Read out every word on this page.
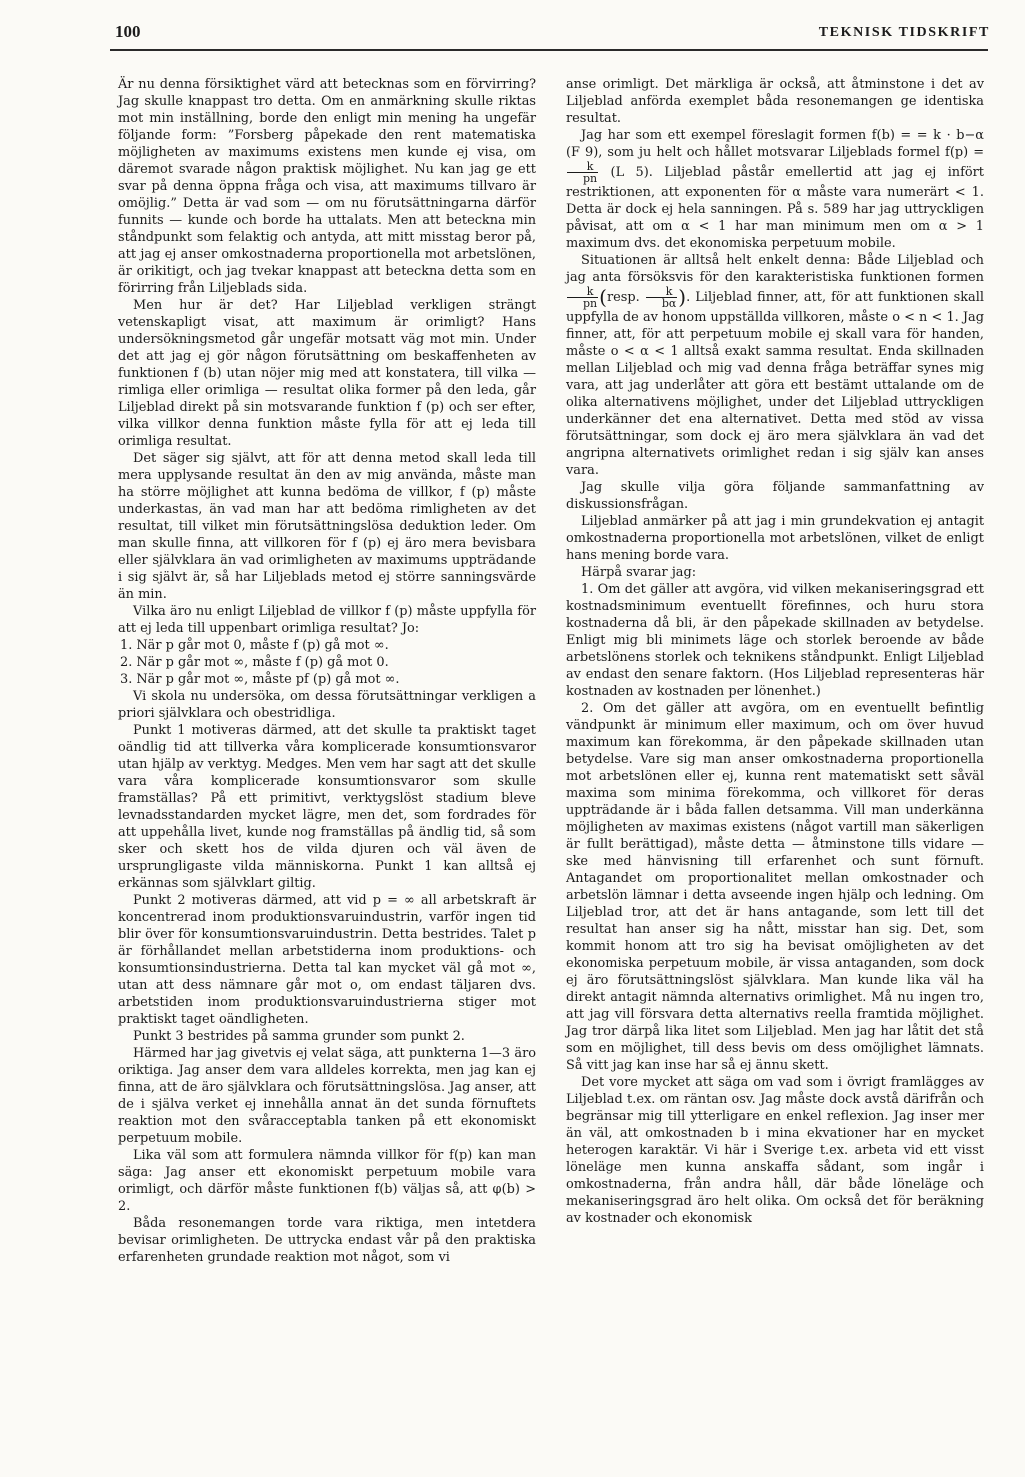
100	TEKNISK TIDSKRIFT

Är nu denna försiktighet värd att betecknas som en förvirring? Jag skulle knappast tro detta. Om en anmärkning skulle riktas mot min inställning, borde den enligt min mening ha ungefär följande form: ”Forsberg påpekade den rent matematiska möjligheten av maximums existens men kunde ej visa, om däremot svarade någon praktisk möjlighet. Nu kan jag ge ett svar på denna öppna fråga och visa, att maximums tillvaro är omöjlig.” Detta är vad som — om nu förutsättningarna därför funnits — kunde och borde ha uttalats. Men att beteckna min ståndpunkt som felaktig och antyda, att mitt misstag beror på, att jag ej anser omkostnaderna proportionella mot arbetslönen, är orikitigt, och jag tvekar knappast att beteckna detta som en förirring från Liljeblads sida.

Men hur är det? Har Liljeblad verkligen strängt vetenskapligt visat, att maximum är orimligt? Hans undersökningsmetod går ungefär motsatt väg mot min. Under det att jag ej gör någon förutsättning om beskaffenheten av funktionen f (b) utan nöjer mig med att konstatera, till vilka — rimliga eller orimliga — resultat olika former på den leda, går Liljeblad direkt på sin motsvarande funktion f (p) och ser efter, vilka villkor denna funktion måste fylla för att ej leda till orimliga resultat.

Det säger sig självt, att för att denna metod skall leda till mera upplysande resultat än den av mig använda, måste man ha större möjlighet att kunna bedöma de villkor, f (p) måste underkastas, än vad man har att bedöma rimligheten av det resultat, till vilket min förutsättningslösa deduktion leder. Om man skulle finna, att villkoren för f (p) ej äro mera bevisbara eller självklara än vad orimligheten av maximums uppträdande i sig självt är, så har Liljeblads metod ej större sanningsvärde än min.

Vilka äro nu enligt Liljeblad de villkor f (p) måste uppfylla för att ej leda till uppenbart orimliga resultat? Jo:

1. När p går mot 0, måste f (p) gå mot ∞.

2. När p går mot ∞, måste f (p) gå mot 0.

3. När p går mot ∞, måste pf (p) gå mot ∞.

Vi skola nu undersöka, om dessa förutsättningar verkligen a priori självklara och obestridliga.

Punkt 1 motiveras därmed, att det skulle ta praktiskt taget oändlig tid att tillverka våra komplicerade konsumtionsvaror utan hjälp av verktyg. Medges. Men vem har sagt att det skulle vara våra komplicerade konsumtionsvaror som skulle framställas? På ett primitivt, verktygslöst stadium bleve levnadsstandarden mycket lägre, men det, som fordrades för att uppehålla livet, kunde nog framställas på ändlig tid, så som sker och skett hos de vilda djuren och väl även de ursprungligaste vilda människorna. Punkt 1 kan alltså ej erkännas som självklart giltig.

Punkt 2 motiveras därmed, att vid p = ∞ all arbetskraft är koncentrerad inom produktionsvaruindustrin, varför ingen tid blir över för konsumtionsvaruindustrin. Detta bestrides. Talet p är förhållandet mellan arbetstiderna inom produktions- och konsumtionsindustrierna. Detta tal kan mycket väl gå mot ∞, utan att dess nämnare går mot o, om endast täljaren dvs. arbetstiden inom produktionsvaruindustrierna stiger mot praktiskt taget oändligheten.

Punkt 3 bestrides på samma grunder som punkt 2.

Härmed har jag givetvis ej velat säga, att punkterna 1—3 äro oriktiga. Jag anser dem vara alldeles korrekta, men jag kan ej finna, att de äro självklara och förutsättningslösa. Jag anser, att de i själva verket ej innehålla annat än det sunda förnuftets reaktion mot den svåracceptabla tanken på ett ekonomiskt perpetuum mobile.

Lika väl som att formulera nämnda villkor för f(p) kan man säga: Jag anser ett ekonomiskt perpetuum mobile vara orimligt, och därför måste funktionen f(b) väljas så, att φ(b) > 2.

Båda resonemangen torde vara riktiga, men intetdera bevisar orimligheten. De uttrycka endast vår på den praktiska erfarenheten grundade reaktion mot något, som vi

anse orimligt. Det märkliga är också, att åtminstone i det av Liljeblad anförda exemplet båda resonemangen ge identiska resultat.

Jag har som ett exempel föreslagit formen f(b) = = k · b−α (F 9), som ju helt och hållet motsvarar Liljeblads formel f(p) =
$\frac{k}{pn} (L$ 5). Liljeblad påstår emellertid att jag ej infört restriktionen, att exponenten för α måste vara numerärt < 1. Detta är dock ej hela sanningen. På s. 589 har jag uttryckligen påvisat, att om α < 1 har man minimum men om α > 1 maximum dvs. det ekonomiska perpetuum mobile.

Situationen är alltså helt enkelt denna: Både Liljeblad och jag anta försöksvis för den karakteristiska funktionen formen
$\frac{k}{pn}$ (resp. $\frac{k}{b\alpha}$ ). Liljeblad finner, att, för att funktionen skall uppfylla de av honom uppställda villkoren, måste o < n < 1. Jag finner, att, för att perpetuum mobile ej skall vara för handen, måste o < α < 1 alltså exakt samma resultat. Enda skillnaden mellan Liljeblad och mig vad denna fråga beträffar synes mig vara, att jag underlåter att göra ett bestämt uttalande om de olika alternativens möjlighet, under det Liljeblad uttryckligen underkänner det ena alternativet. Detta med stöd av vissa förutsättningar, som dock ej äro mera självklara än vad det angripna alternativets orimlighet redan i sig själv kan anses vara.

Jag skulle vilja göra följande sammanfattning av diskussionsfrågan.

Liljeblad anmärker på att jag i min grundekvation ej antagit omkostnaderna proportionella mot arbetslönen, vilket de enligt hans mening borde vara.

Härpå svarar jag:

1. Om det gäller att avgöra, vid vilken mekaniseringsgrad ett kostnadsminimum eventuellt förefinnes, och huru stora kostnaderna då bli, är den påpekade skillnaden av betydelse. Enligt mig bli minimets läge och storlek beroende av både arbetslönens storlek och teknikens ståndpunkt. Enligt Liljeblad av endast den senare faktorn. (Hos Liljeblad representeras här kostnaden av kostnaden per lönenhet.)

2. Om det gäller att avgöra, om en eventuellt befintlig vändpunkt är minimum eller maximum, och om över huvud maximum kan förekomma, är den påpekade skillnaden utan betydelse. Vare sig man anser omkostnaderna proportionella mot arbetslönen eller ej, kunna rent matematiskt sett såväl maxima som minima förekomma, och villkoret för deras uppträdande är i båda fallen detsamma. Vill man underkänna möjligheten av maximas existens (något vartill man säkerligen är fullt berättigad), måste detta — åtminstone tills vidare — ske med hänvisning till erfarenhet och sunt förnuft. Antagandet om proportionalitet mellan omkostnader och arbetslön lämnar i detta avseende ingen hjälp och ledning. Om Liljeblad tror, att det är hans antagande, som lett till det resultat han anser sig ha nått, misstar han sig. Det, som kommit honom att tro sig ha bevisat omöjligheten av det ekonomiska perpetuum mobile, är vissa antaganden, som dock ej äro förutsättningslöst självklara. Man kunde lika väl ha direkt antagit nämnda alternativs orimlighet. Må nu ingen tro, att jag vill försvara detta alternativs reella framtida möjlighet. Jag tror därpå lika litet som Liljeblad. Men jag har låtit det stå som en möjlighet, till dess bevis om dess omöjlighet lämnats. Så vitt jag kan inse har så ej ännu skett.

Det vore mycket att säga om vad som i övrigt framlägges av Liljeblad t.ex. om räntan osv. Jag måste dock avstå därifrån och begränsar mig till ytterligare en enkel reflexion. Jag inser mer än väl, att omkostnaden b i mina ekvationer har en mycket heterogen karaktär. Vi här i Sverige t.ex. arbeta vid ett visst löneläge men kunna anskaffa sådant, som ingår i omkostnaderna, från andra håll, där både löneläge och mekaniseringsgrad äro helt olika. Om också det för beräkning av kostnader och ekonomisk
